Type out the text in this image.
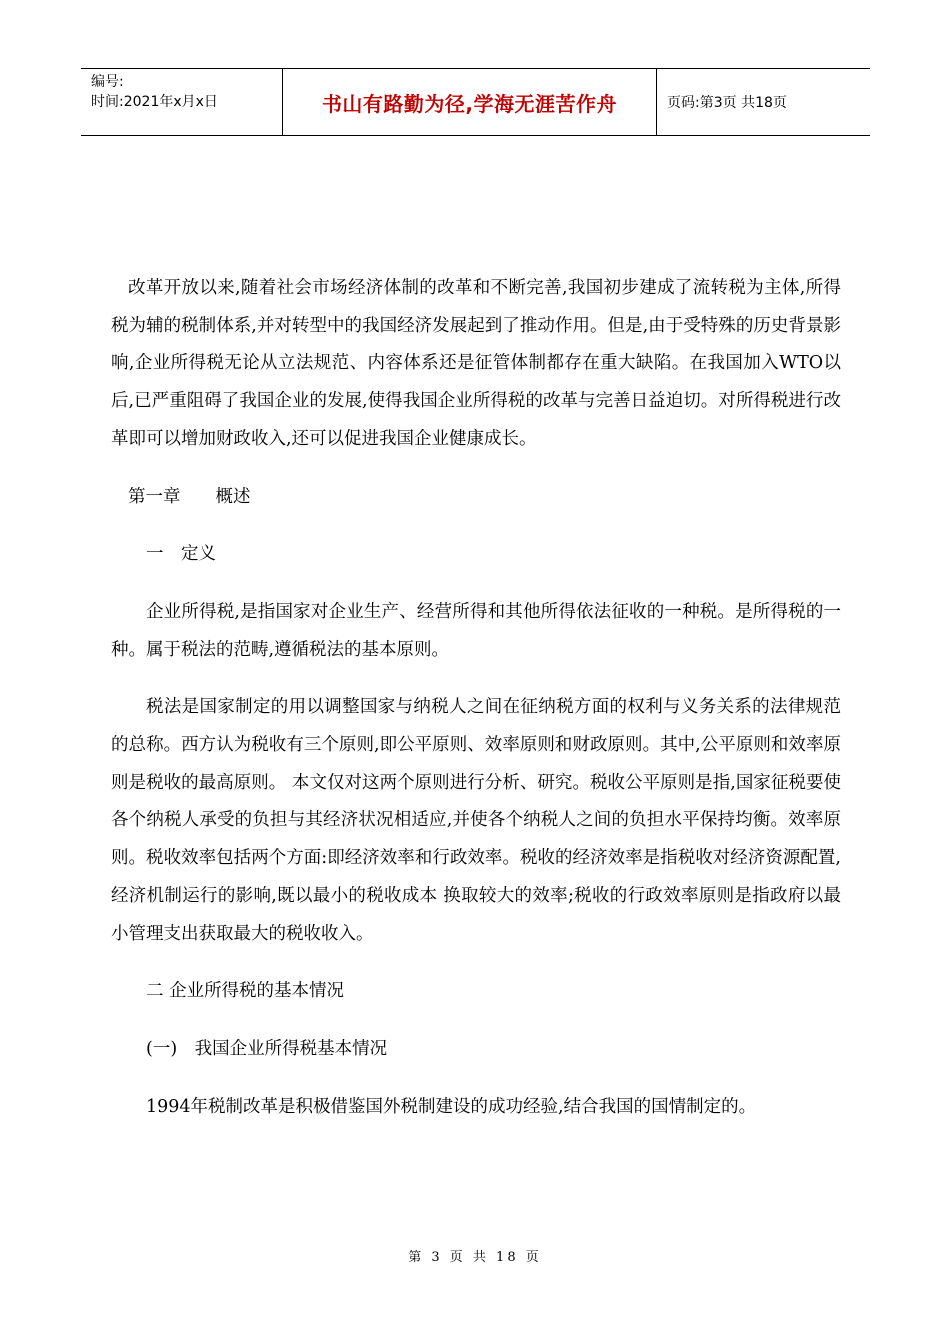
编号:
时间:2021年x月x日	书山有路勤为径,学海无涯苦作舟	页码:第3页 共18页

改革开放以来,随着社会市场经济体制的改革和不断完善,我国初步建成了流转税为主体,所得税为辅的税制体系,并对转型中的我国经济发展起到了推动作用。但是,由于受特殊的历史背景影响,企业所得税无论从立法规范、内容体系还是征管体制都存在重大缺陷。在我国加入WTO以后,已严重阻碍了我国企业的发展,使得我国企业所得税的改革与完善日益迫切。对所得税进行改革即可以增加财政收入,还可以促进我国企业健康成长。

第一章　　概述

一　定义

企业所得税,是指国家对企业生产、经营所得和其他所得依法征收的一种税。是所得税的一种。属于税法的范畴,遵循税法的基本原则。

税法是国家制定的用以调整国家与纳税人之间在征纳税方面的权利与义务关系的法律规范的总称。西方认为税收有三个原则,即公平原则、效率原则和财政原则。其中,公平原则和效率原则是税收的最高原则。 本文仅对这两个原则进行分析、研究。税收公平原则是指,国家征税要使各个纳税人承受的负担与其经济状况相适应,并使各个纳税人之间的负担水平保持均衡。效率原则。税收效率包括两个方面:即经济效率和行政效率。税收的经济效率是指税收对经济资源配置,经济机制运行的影响,既以最小的税收成本 换取较大的效率;税收的行政效率原则是指政府以最小管理支出获取最大的税收收入。

二 企业所得税的基本情况

(一)　我国企业所得税基本情况

1994年税制改革是积极借鉴国外税制建设的成功经验,结合我国的国情制定的。

第 3 页 共 18 页
